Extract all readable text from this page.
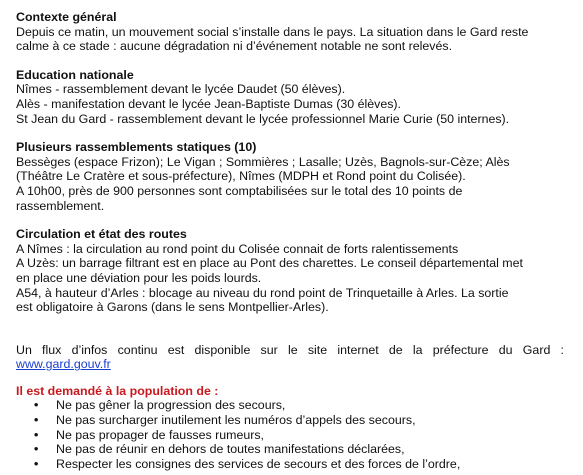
Contexte général
Depuis ce matin, un mouvement social s’installe dans le pays. La situation dans le Gard reste
calme à ce stade : aucune dégradation ni d’événement notable ne sont relevés.
Education nationale
Nîmes - rassemblement devant le lycée Daudet (50 élèves).
Alès - manifestation devant le lycée Jean-Baptiste Dumas (30 élèves).
St Jean du Gard - rassemblement devant le lycée professionnel Marie Curie (50 internes).
Plusieurs rassemblements statiques (10)
Bessèges (espace Frizon); Le Vigan ; Sommières ; Lasalle; Uzès, Bagnols-sur-Cèze; Alès
(Théâtre Le Cratère et sous-préfecture), Nîmes (MDPH et Rond point du Colisée).
A 10h00, près de 900 personnes sont comptabilisées sur le total des 10 points de
rassemblement.
Circulation et état des routes
A Nîmes : la circulation au rond point du Colisée connait de forts ralentissements
A Uzès: un barrage filtrant est en place au Pont des charettes. Le conseil départemental met
en place une déviation pour les poids lourds.
A54, à hauteur d’Arles : blocage au niveau du rond point de Trinquetaille à Arles. La sortie
est obligatoire à Garons (dans le sens Montpellier-Arles).
Un flux d’infos continu est disponible sur le site internet de la préfecture du Gard :
www.gard.gouv.fr
Il est demandé à la population de :
• Ne pas gêner la progression des secours,
• Ne pas surcharger inutilement les numéros d’appels des secours,
• Ne pas propager de fausses rumeurs,
• Ne pas de réunir en dehors de toutes manifestations déclarées,
• Respecter les consignes des services de secours et des forces de l’ordre,
